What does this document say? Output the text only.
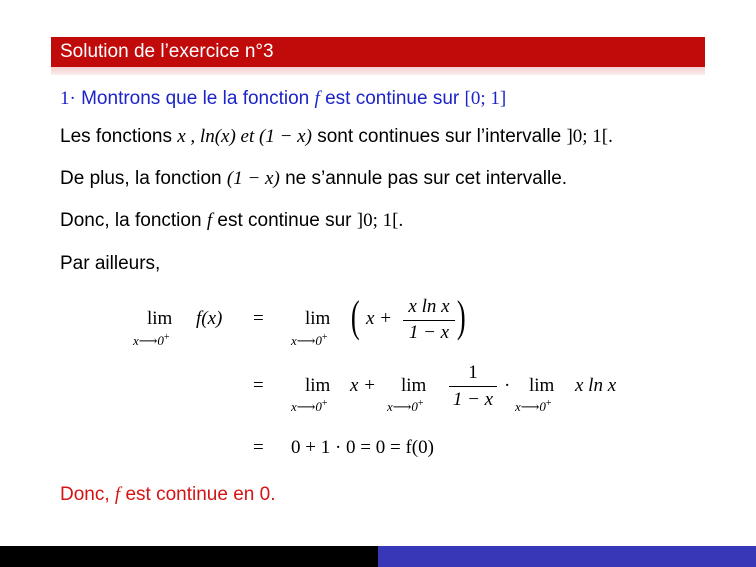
Solution de l’exercice n°3
1· Montrons que le la fonction f est continue sur [0; 1]
Les fonctions x , ln(x) et (1 − x) sont continues sur l’intervalle ]0; 1[.
De plus, la fonction (1 − x) ne s’annule pas sur cet intervalle.
Donc, la fonction f est continue sur ]0; 1[.
Par ailleurs,
lim
x⟶0+
f(x) = lim
x⟶0+ ( x +
x ln x
1 − x )
= lim
x⟶0+
x + lim
x⟶0+
1
1 − x
· lim
x⟶0+
x ln x
= 0 + 1 · 0 = 0 = f(0)
Donc, f est continue en 0.
